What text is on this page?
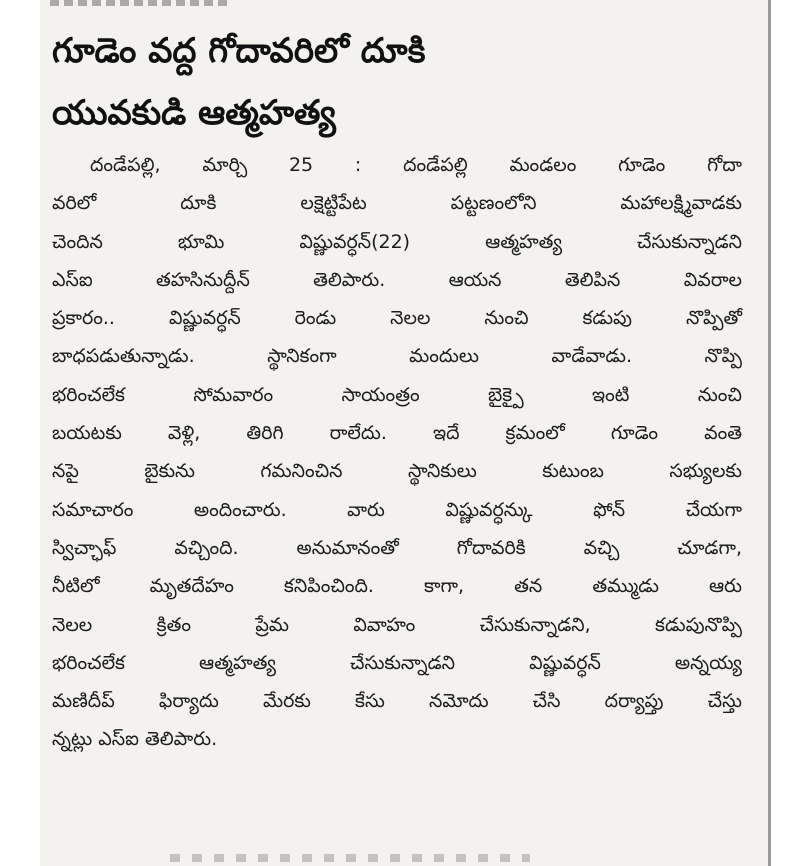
గూడెం వద్ద గోదావరిలో దూకి
యువకుడి ఆత్మహత్య
దండేపల్లి, మార్చి 25 : దండేపల్లి మండలం గూడెం గోదా
వరిలో దూకి లక్షెట్టిపేట పట్టణంలోని మహాలక్ష్మివాడకు
చెందిన భూమి విష్ణువర్ధన్(22) ఆత్మహత్య చేసుకున్నాడని
ఎస్ఐ తహసినుద్దీన్ తెలిపారు. ఆయన తెలిపిన వివరాల
ప్రకారం.. విష్ణువర్ధన్ రెండు నెలల నుంచి కడుపు నొప్పితో
బాధపడుతున్నాడు. స్థానికంగా మందులు వాడేవాడు. నొప్పి
భరించలేక సోమవారం సాయంత్రం బైక్పై ఇంటి నుంచి
బయటకు వెళ్లి, తిరిగి రాలేదు. ఇదే క్రమంలో గూడెం వంతె
నపై బైకును గమనించిన స్థానికులు కుటుంబ సభ్యులకు
సమాచారం అందించారు. వారు విష్ణువర్ధన్కు ఫోన్ చేయగా
స్విచ్ఛాఫ్ వచ్చింది. అనుమానంతో గోదావరికి వచ్చి చూడగా,
నీటిలో మృతదేహం కనిపించింది. కాగా, తన తమ్ముడు ఆరు
నెలల క్రితం ప్రేమ వివాహం చేసుకున్నాడని, కడుపునొప్పి
భరించలేక ఆత్మహత్య చేసుకున్నాడని విష్ణువర్ధన్ అన్నయ్య
మణిదీప్ ఫిర్యాదు మేరకు కేసు నమోదు చేసి దర్యాప్తు చేస్తు
న్నట్లు ఎస్ఐ తెలిపారు.
